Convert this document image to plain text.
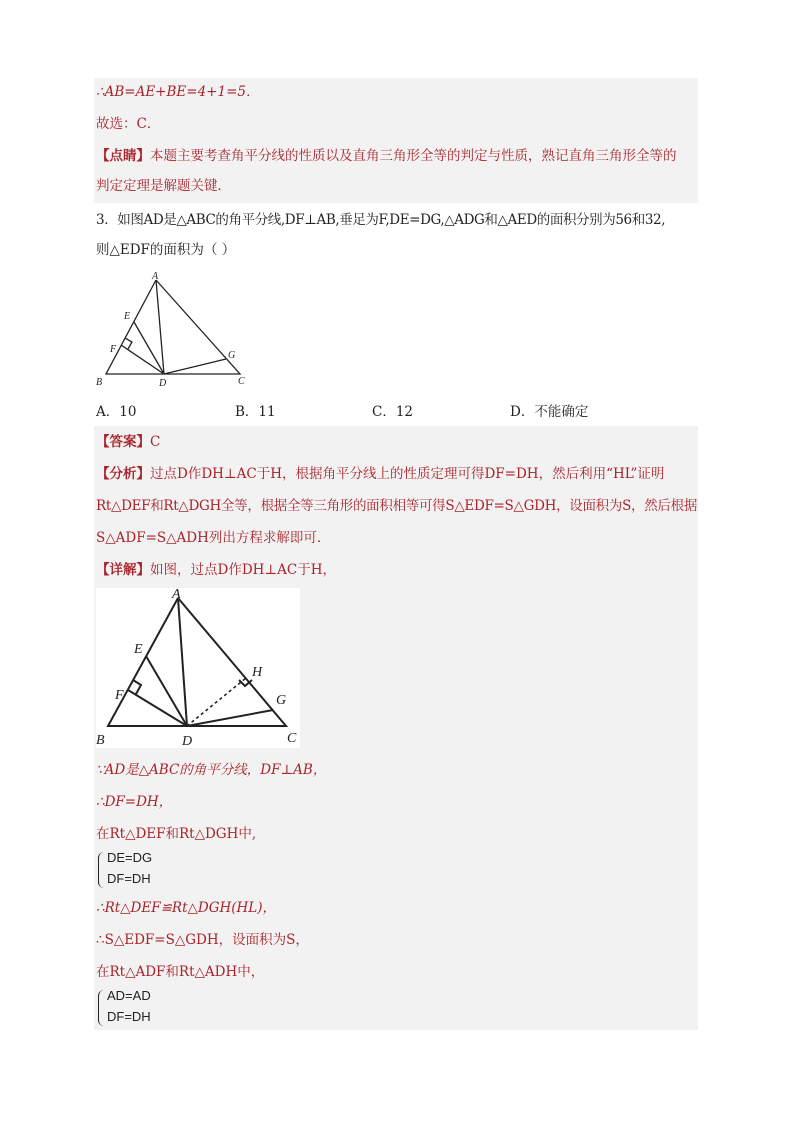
∴AB=AE+BE=4+1=5．
故选：C．
【点睛】本题主要考查角平分线的性质以及直角三角形全等的判定与性质，熟记直角三角形全等的
判定定理是解题关键．
3．如图AD是△ABC的角平分线,DF⊥AB,垂足为F,DE=DG,△ADG和△AED的面积分别为56和32,
则△EDF的面积为（ ）
A
E
F
B	D	C
G
A．10	B．11	C．12	D．不能确定
【答案】C
【分析】过点D作DH⊥AC于H，根据角平分线上的性质定理可得DF=DH，然后利用“HL”证明
Rt△DEF和Rt△DGH全等，根据全等三角形的面积相等可得S△EDF=S△GDH，设面积为S，然后根据
S△ADF=S△ADH列出方程求解即可．
【详解】如图，过点D作DH⊥AC于H，
A
E
F
B	D	C
G
H
∵AD是△ABC的角平分线，DF⊥AB，
∴DF=DH，
在Rt△DEF和Rt△DGH中,
DE=DG
DF=DH
∴Rt△DEF≌Rt△DGH(HL)，
∴S△EDF=S△GDH，设面积为S，
在Rt△ADF和Rt△ADH中，
AD=AD
DF=DH
